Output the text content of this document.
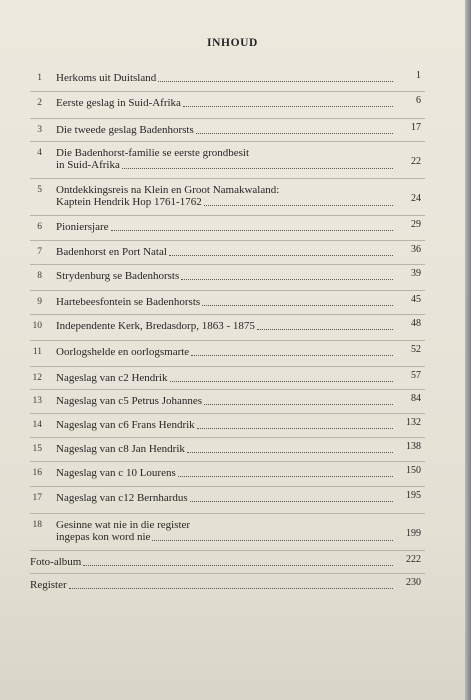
INHOUD
1 Herkoms uit Duitsland	1
2 Eerste geslag in Suid-Afrika	6
3 Die tweede geslag Badenhorsts	17
4 Die Badenhorst-familie se eerste grondbesit
in Suid-Afrika	22
5 Ontdekkingsreis na Klein en Groot Namakwaland:
Kaptein Hendrik Hop 1761-1762	24
6 Pioniersjare	29
7 Badenhorst en Port Natal	36
8 Strydenburg se Badenhorsts	39
9 Hartebeesfontein se Badenhorsts	45
10 Independente Kerk, Bredasdorp, 1863 - 1875	48
11 Oorlogshelde en oorlogsmarte	52
12 Nageslag van c2 Hendrik	57
13 Nageslag van c5 Petrus Johannes	84
14 Nageslag van c6 Frans Hendrik	132
15 Nageslag van c8 Jan Hendrik	138
16 Nageslag van c 10 Lourens	150
17 Nageslag van c12 Bernhardus	195
18 Gesinne wat nie in die register
ingepas kon word nie	199
Foto-album	222
Register	230
